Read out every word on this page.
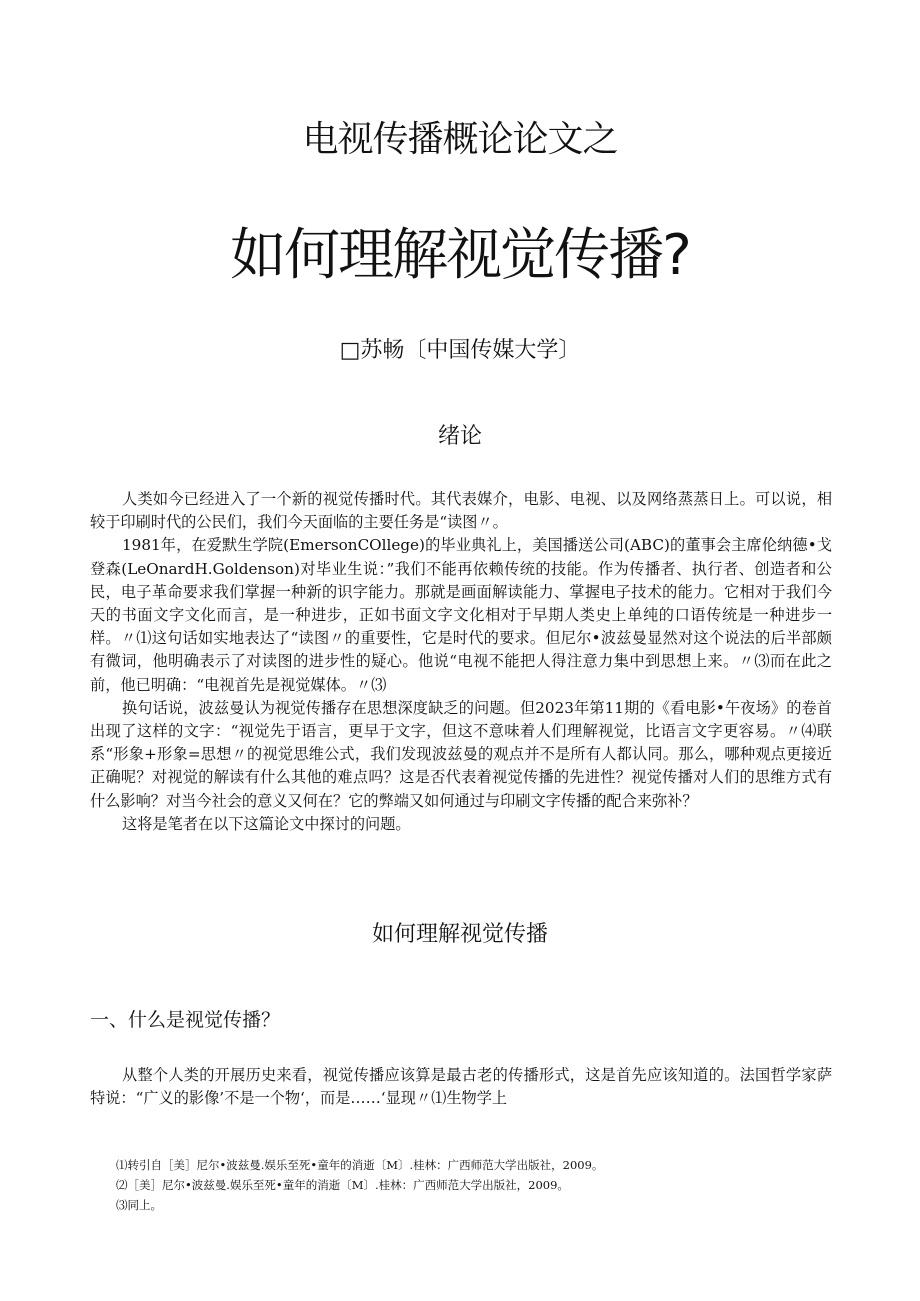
电视传播概论论文之
如何理解视觉传播?
□苏畅〔中国传媒大学〕
绪论

人类如今已经进入了一个新的视觉传播时代。其代表媒介，电影、电视、以及网络蒸蒸日上。可以说，相较于印刷时代的公民们，我们今天面临的主要任务是“读图〃。

1981年，在爱默生学院(EmersonCOllege)的毕业典礼上，美国播送公司(ABC)的董事会主席伦纳德•戈登森(LeOnardH.Goldenson)对毕业生说：”我们不能再依赖传统的技能。作为传播者、执行者、创造者和公民，电子革命要求我们掌握一种新的识字能力。那就是画面解读能力、掌握电子技术的能力。它相对于我们今天的书面文字文化而言，是一种进步，正如书面文字文化相对于早期人类史上单纯的口语传统是一种进步一样。〃⑴这句话如实地表达了“读图〃的重要性，它是时代的要求。但尼尔•波兹曼显然对这个说法的后半部颇有微词，他明确表示了对读图的进步性的疑心。他说“电视不能把人得注意力集中到思想上来。〃⑶而在此之前，他已明确：“电视首先是视觉媒体。〃⑶

换句话说，波兹曼认为视觉传播存在思想深度缺乏的问题。但2023年第11期的《看电影•午夜场》的卷首出现了这样的文字：“视觉先于语言，更早于文字，但这不意味着人们理解视觉，比语言文字更容易。〃⑷联系“形象+形象=思想〃的视觉思维公式，我们发现波兹曼的观点并不是所有人都认同。那么，哪种观点更接近正确呢？对视觉的解读有什么其他的难点吗？这是否代表着视觉传播的先进性？视觉传播对人们的思维方式有什么影响？对当今社会的意义又何在？它的弊端又如何通过与印刷文字传播的配合来弥补？

这将是笔者在以下这篇论文中探讨的问题。

如何理解视觉传播
一、什么是视觉传播？

从整个人类的开展历史来看，视觉传播应该算是最古老的传播形式，这是首先应该知道的。法国哲学家萨特说：“广义的影像’不是一个物‘，而是……‘显现〃⑴生物学上

⑴转引自［美］尼尔•波兹曼.娱乐至死•童年的消逝〔M〕.桂林：广西师范大学出版社，2009。
⑵［美］尼尔•波兹曼.娱乐至死•童年的消逝〔M〕.桂林：广西师范大学出版社，2009。
⑶同上。
